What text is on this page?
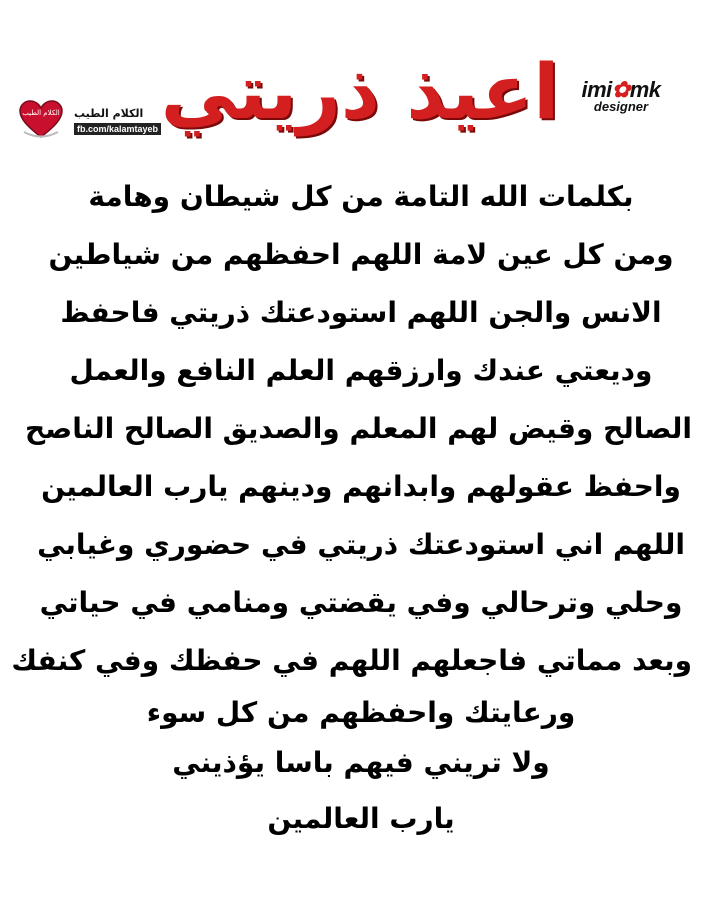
اعيذ ذريتي
الكلام الطيب الكلام الطيب
fb.com/kalamtayeb
imi✿mk
designer
بكلمات الله التامة من كل شيطان وهامة
ومن كل عين لامة اللهم احفظهم من شياطين
الانس والجن اللهم استودعتك ذريتي فاحفظ
وديعتي عندك وارزقهم العلم النافع والعمل
الصالح وقيض لهم المعلم والصديق الصالح الناصح
واحفظ عقولهم وابدانهم ودينهم يارب العالمين
اللهم اني استودعتك ذريتي في حضوري وغيابي
وحلي وترحالي وفي يقضتي ومنامي في حياتي
وبعد مماتي فاجعلهم اللهم في حفظك وفي كنفك
ورعايتك واحفظهم من كل سوء
ولا تريني فيهم باسا يؤذيني
يارب العالمين
